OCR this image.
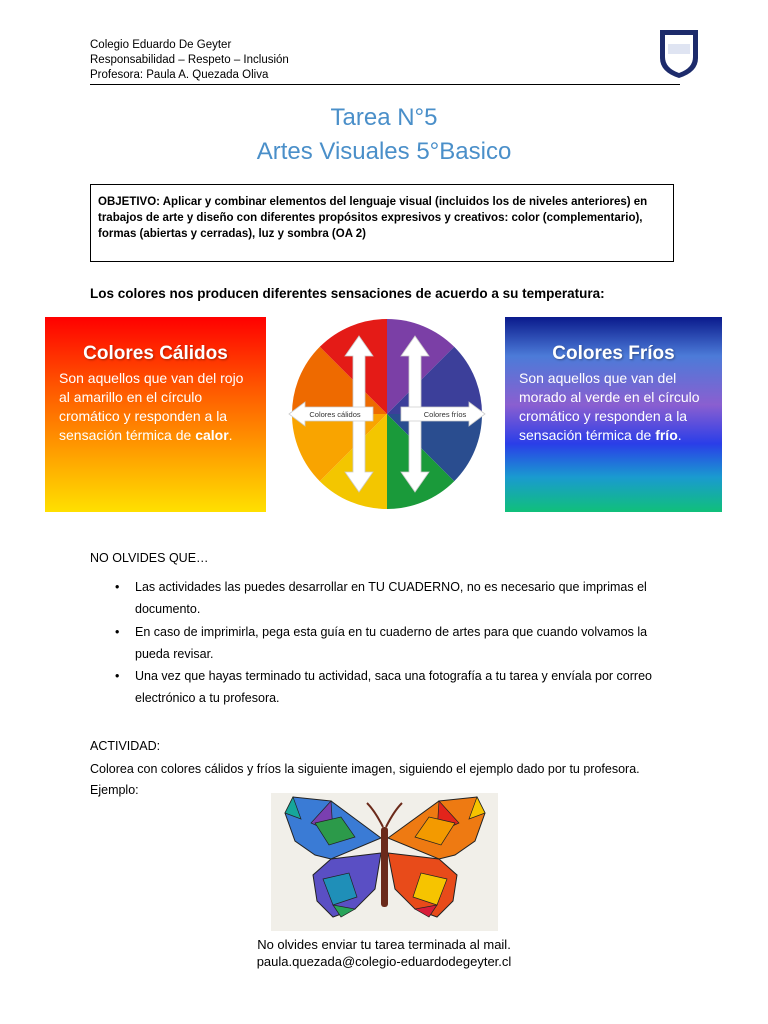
Colegio Eduardo De Geyter
Responsabilidad – Respeto – Inclusión
Profesora: Paula A. Quezada Oliva
Tarea N°5
Artes Visuales 5°Basico
OBJETIVO: Aplicar y combinar elementos del lenguaje visual (incluidos los de niveles anteriores) en trabajos de arte y diseño con diferentes propósitos expresivos y creativos: color (complementario), formas (abiertas y cerradas), luz y sombra (OA 2)
Los colores nos producen diferentes sensaciones de acuerdo a su temperatura:
Colores Cálidos

Son aquellos que van del rojo al amarillo en el círculo cromático y responden a la sensación térmica de calor.

Colores cálidos	Colores fríos
Colores Fríos

Son aquellos que van del morado al verde en el círculo cromático y responden a la sensación térmica de frío.

NO OLVIDES QUE…
• Las actividades las puedes desarrollar en TU CUADERNO, no es necesario que imprimas el documento.
• En caso de imprimirla, pega esta guía en tu cuaderno de artes para que cuando volvamos la pueda revisar.
• Una vez que hayas terminado tu actividad, saca una fotografía a tu tarea y envíala por correo electrónico a tu profesora.
ACTIVIDAD:
Colorea con colores cálidos y fríos la siguiente imagen, siguiendo el ejemplo dado por tu profesora.
Ejemplo:
No olvides enviar tu tarea terminada al mail.
paula.quezada@colegio-eduardodegeyter.cl
